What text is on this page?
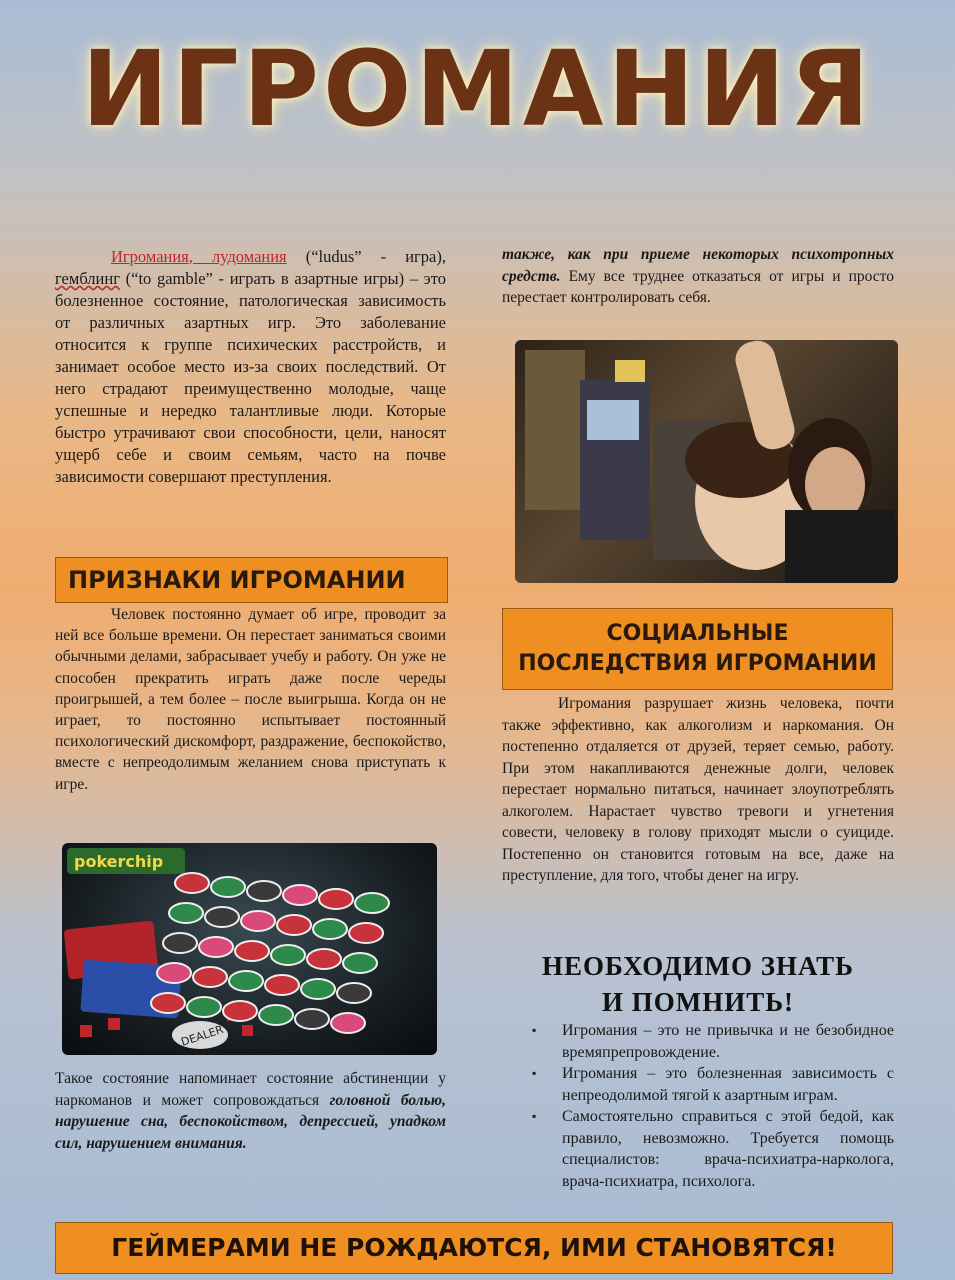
ИГРОМАНИЯ

Игромания, лудомания (“ludus” - игра), гемблинг (“to gamble” - играть в азартные игры) – это болезненное состояние, патологическая зависимость от различных азартных игр. Это заболевание относится к группе психических расстройств, и занимает особое место из-за своих последствий. От него страдают преимущественно молодые, чаще успешные и нередко талантливые люди. Которые быстро утрачивают свои способности, цели, наносят ущерб себе и своим семьям, часто на почве зависимости совершают преступления.

ПРИЗНАКИ ИГРОМАНИИ

Человек постоянно думает об игре, проводит за ней все больше времени. Он перестает заниматься своими обычными делами, забрасывает учебу и работу. Он уже не способен прекратить играть даже после череды проигрышей, а тем более – после выигрыша. Когда он не играет, то постоянно испытывает постоянный психологический дискомфорт, раздражение, беспокойство, вместе с непреодолимым желанием снова приступать к игре.

pokerchip
DEALER

Такое состояние напоминает состояние абстиненции у наркоманов и может сопровождаться головной болью, нарушение сна, беспокойством, депрессией, упадком сил, нарушением внимания.

также, как при приеме некоторых психотропных средств. Ему все труднее отказаться от игры и просто перестает контролировать себя.

СОЦИАЛЬНЫЕ
ПОСЛЕДСТВИЯ ИГРОМАНИИ

Игромания разрушает жизнь человека, почти также эффективно, как алкоголизм и наркомания. Он постепенно отдаляется от друзей, теряет семью, работу. При этом накапливаются денежные долги, человек перестает нормально питаться, начинает злоупотреблять алкоголем. Нарастает чувство тревоги и угнетения совести, человеку в голову приходят мысли о суициде. Постепенно он становится готовым на все, даже на преступление, для того, чтобы денег на игру.

НЕОБХОДИМО ЗНАТЬ
И ПОМНИТЬ!
▪ Игромания – это не привычка и не безобидное времяпрепровождение.
▪ Игромания – это болезненная зависимость с непреодолимой тягой к азартным играм.
▪ Самостоятельно справиться с этой бедой, как правило, невозможно. Требуется помощь специалистов: врача-психиатра-нарколога, врача-психиатра, психолога.
ГЕЙМЕРАМИ НЕ РОЖДАЮТСЯ, ИМИ СТАНОВЯТСЯ!
